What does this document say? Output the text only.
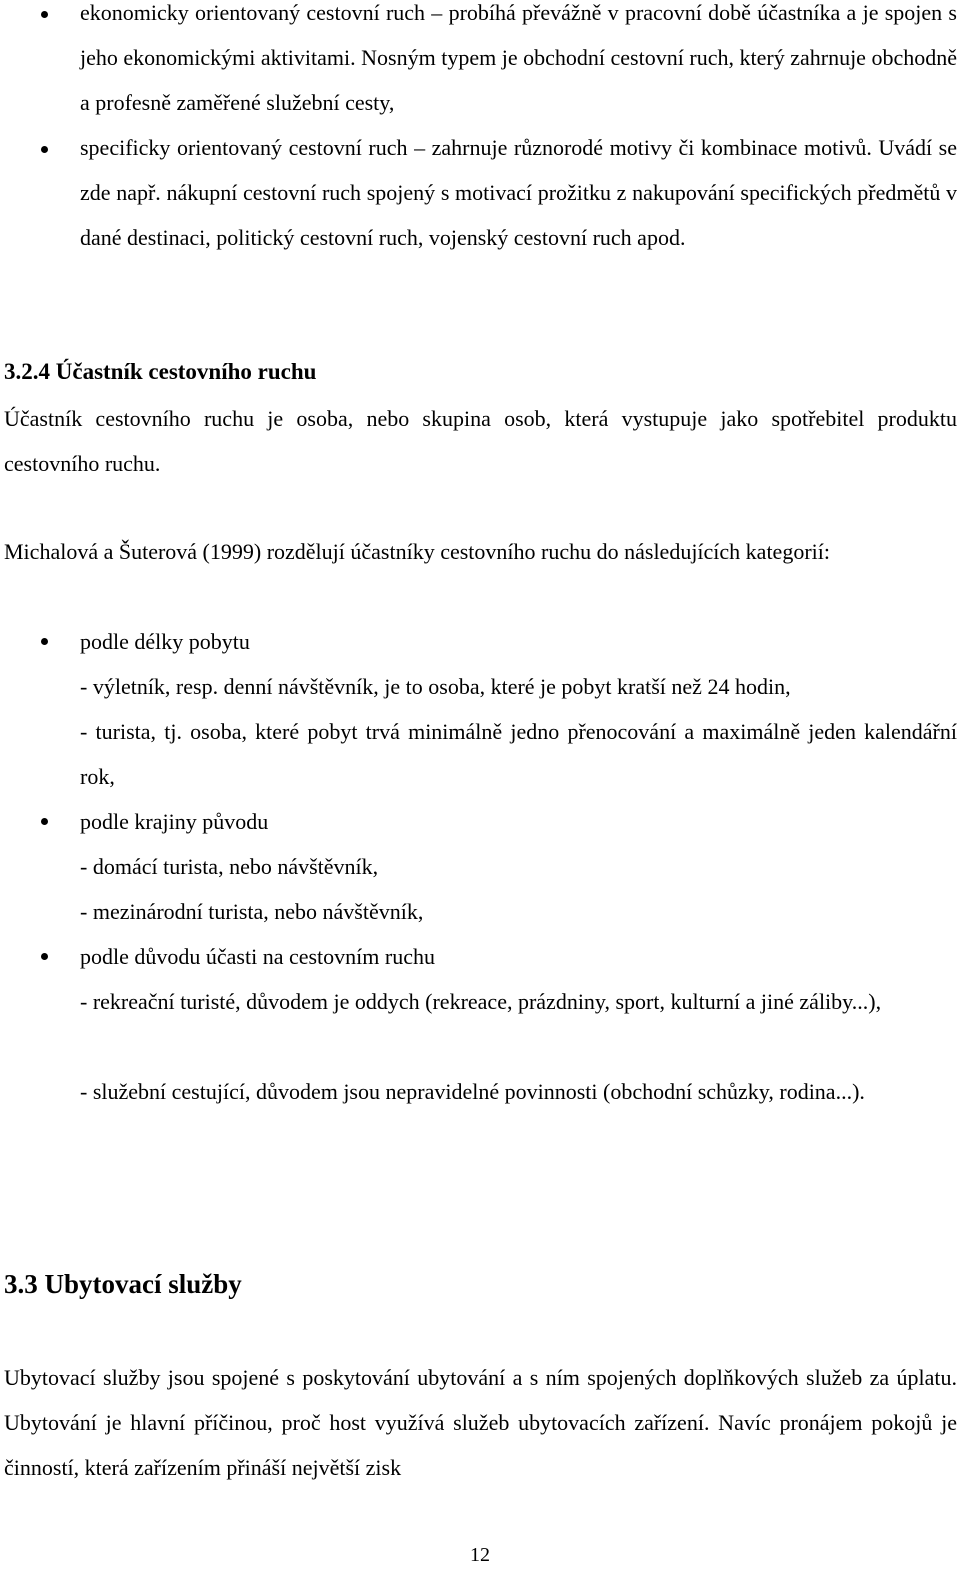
ekonomicky orientovaný cestovní ruch – probíhá převážně v pracovní době účastníka a je spojen s jeho ekonomickými aktivitami. Nosným typem je obchodní cestovní ruch, který zahrnuje obchodně a profesně zaměřené služební cesty,
specificky orientovaný cestovní ruch – zahrnuje různorodé motivy či kombinace motivů. Uvádí se zde např. nákupní cestovní ruch spojený s motivací prožitku z nakupování specifických předmětů v dané destinaci, politický cestovní ruch, vojenský cestovní ruch apod.
3.2.4 Účastník cestovního ruchu
Účastník cestovního ruchu je osoba, nebo skupina osob, která vystupuje jako spotřebitel produktu cestovního ruchu.
Michalová a Šuterová (1999) rozdělují účastníky cestovního ruchu do následujících kategorií:
podle délky pobytu
- výletník, resp. denní návštěvník, je to osoba, které je pobyt kratší než 24 hodin,
- turista, tj. osoba, které pobyt trvá minimálně jedno přenocování a maximálně jeden kalendářní rok,
podle krajiny původu
- domácí turista, nebo návštěvník,
- mezinárodní turista, nebo návštěvník,
podle důvodu účasti na cestovním ruchu
- rekreační turisté, důvodem je oddych (rekreace, prázdniny, sport, kulturní a jiné záliby...),
- služební cestující, důvodem jsou nepravidelné povinnosti (obchodní schůzky, rodina...).
3.3 Ubytovací služby
Ubytovací služby jsou spojené s poskytování ubytování a s ním spojených doplňkových služeb za úplatu. Ubytování je hlavní příčinou, proč host využívá služeb ubytovacích zařízení. Navíc pronájem pokojů je činností, která zařízením přináší největší zisk
12
